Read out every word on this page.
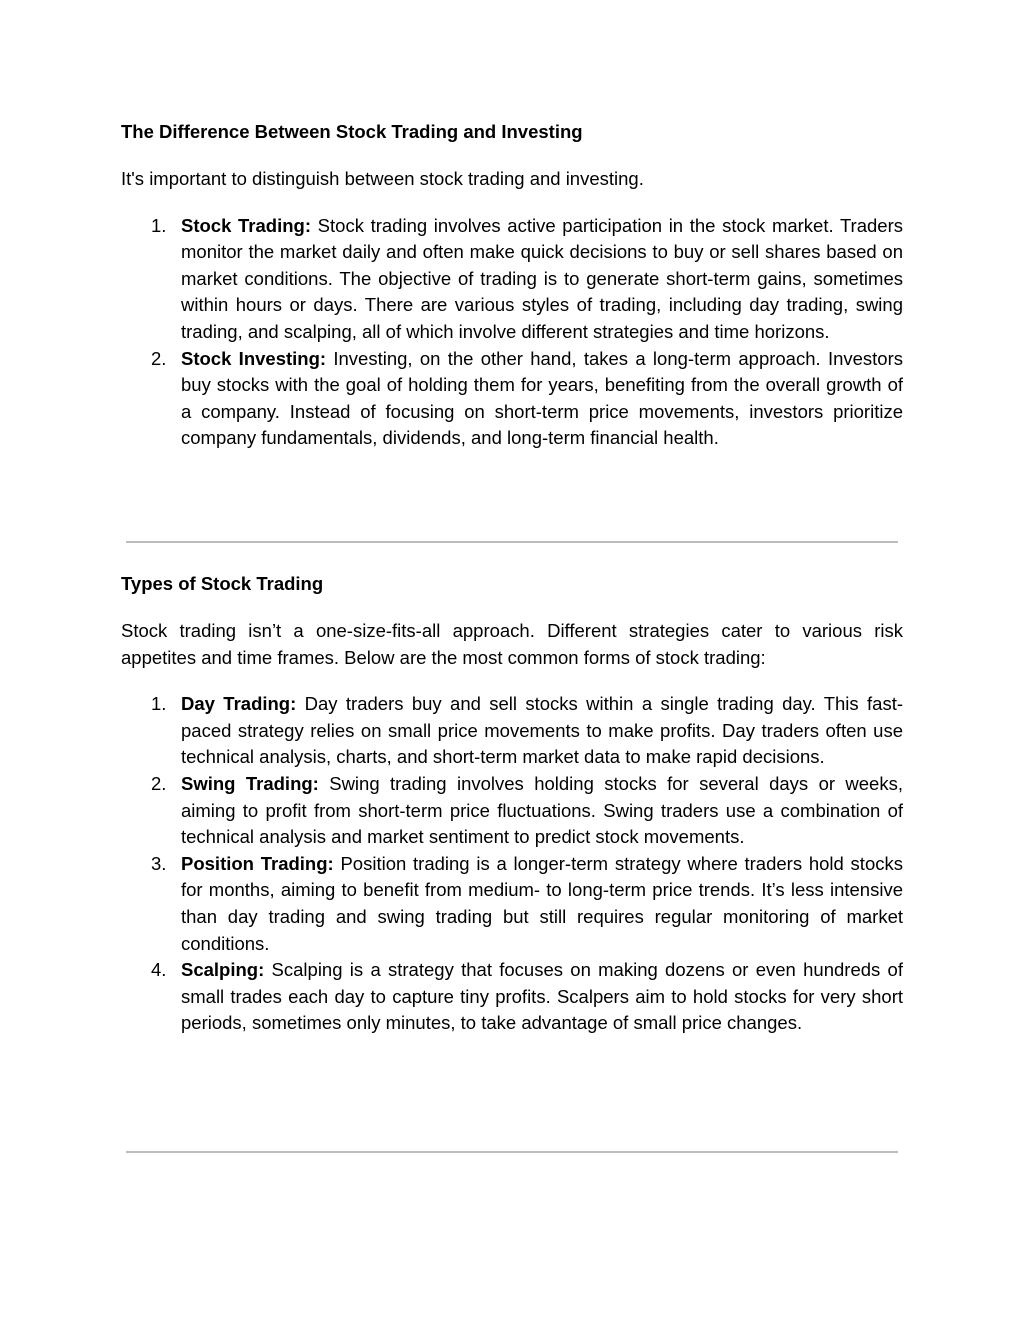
The Difference Between Stock Trading and Investing

It's important to distinguish between stock trading and investing.

1. Stock Trading: Stock trading involves active participation in the stock market. Traders monitor the market daily and often make quick decisions to buy or sell shares based on market conditions. The objective of trading is to generate short-term gains, sometimes within hours or days. There are various styles of trading, including day trading, swing trading, and scalping, all of which involve different strategies and time horizons.
2. Stock Investing: Investing, on the other hand, takes a long-term approach. Investors buy stocks with the goal of holding them for years, benefiting from the overall growth of a company. Instead of focusing on short-term price movements, investors prioritize company fundamentals, dividends, and long-term financial health.
Types of Stock Trading

Stock trading isn’t a one-size-fits-all approach. Different strategies cater to various risk appetites and time frames. Below are the most common forms of stock trading:

1. Day Trading: Day traders buy and sell stocks within a single trading day. This fast-paced strategy relies on small price movements to make profits. Day traders often use technical analysis, charts, and short-term market data to make rapid decisions.
2. Swing Trading: Swing trading involves holding stocks for several days or weeks, aiming to profit from short-term price fluctuations. Swing traders use a combination of technical analysis and market sentiment to predict stock movements.
3. Position Trading: Position trading is a longer-term strategy where traders hold stocks for months, aiming to benefit from medium- to long-term price trends. It’s less intensive than day trading and swing trading but still requires regular monitoring of market conditions.
4. Scalping: Scalping is a strategy that focuses on making dozens or even hundreds of small trades each day to capture tiny profits. Scalpers aim to hold stocks for very short periods, sometimes only minutes, to take advantage of small price changes.
